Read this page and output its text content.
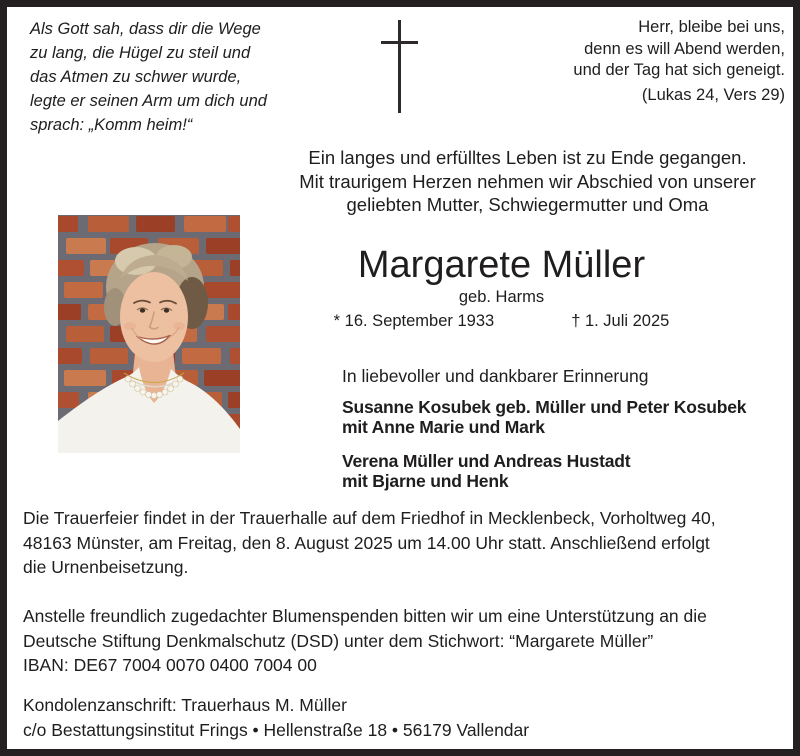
Als Gott sah, dass dir die Wege
zu lang, die Hügel zu steil und
das Atmen zu schwer wurde,
legte er seinen Arm um dich und
sprach: „Komm heim!“
Herr, bleibe bei uns,
denn es will Abend werden,
und der Tag hat sich geneigt.
(Lukas 24, Vers 29)
Ein langes und erfülltes Leben ist zu Ende gegangen.
Mit traurigem Herzen nehmen wir Abschied von unserer
geliebten Mutter, Schwiegermutter und Oma
Margarete Müller
geb. Harms
* 16. September 1933	† 1. Juli 2025
In liebevoller und dankbarer Erinnerung
Susanne Kosubek geb. Müller und Peter Kosubek
mit Anne Marie und Mark
Verena Müller und Andreas Hustadt
mit Bjarne und Henk
Die Trauerfeier findet in der Trauerhalle auf dem Friedhof in Mecklenbeck, Vorholtweg 40,
48163 Münster, am Freitag, den 8. August 2025 um 14.00 Uhr statt. Anschließend erfolgt
die Urnenbeisetzung.
Anstelle freundlich zugedachter Blumenspenden bitten wir um eine Unterstützung an die
Deutsche Stiftung Denkmalschutz (DSD) unter dem Stichwort: “Margarete Müller”
IBAN: DE67 7004 0070 0400 7004 00
Kondolenzanschrift: Trauerhaus M. Müller
c/o Bestattungsinstitut Frings • Hellenstraße 18 • 56179 Vallendar
